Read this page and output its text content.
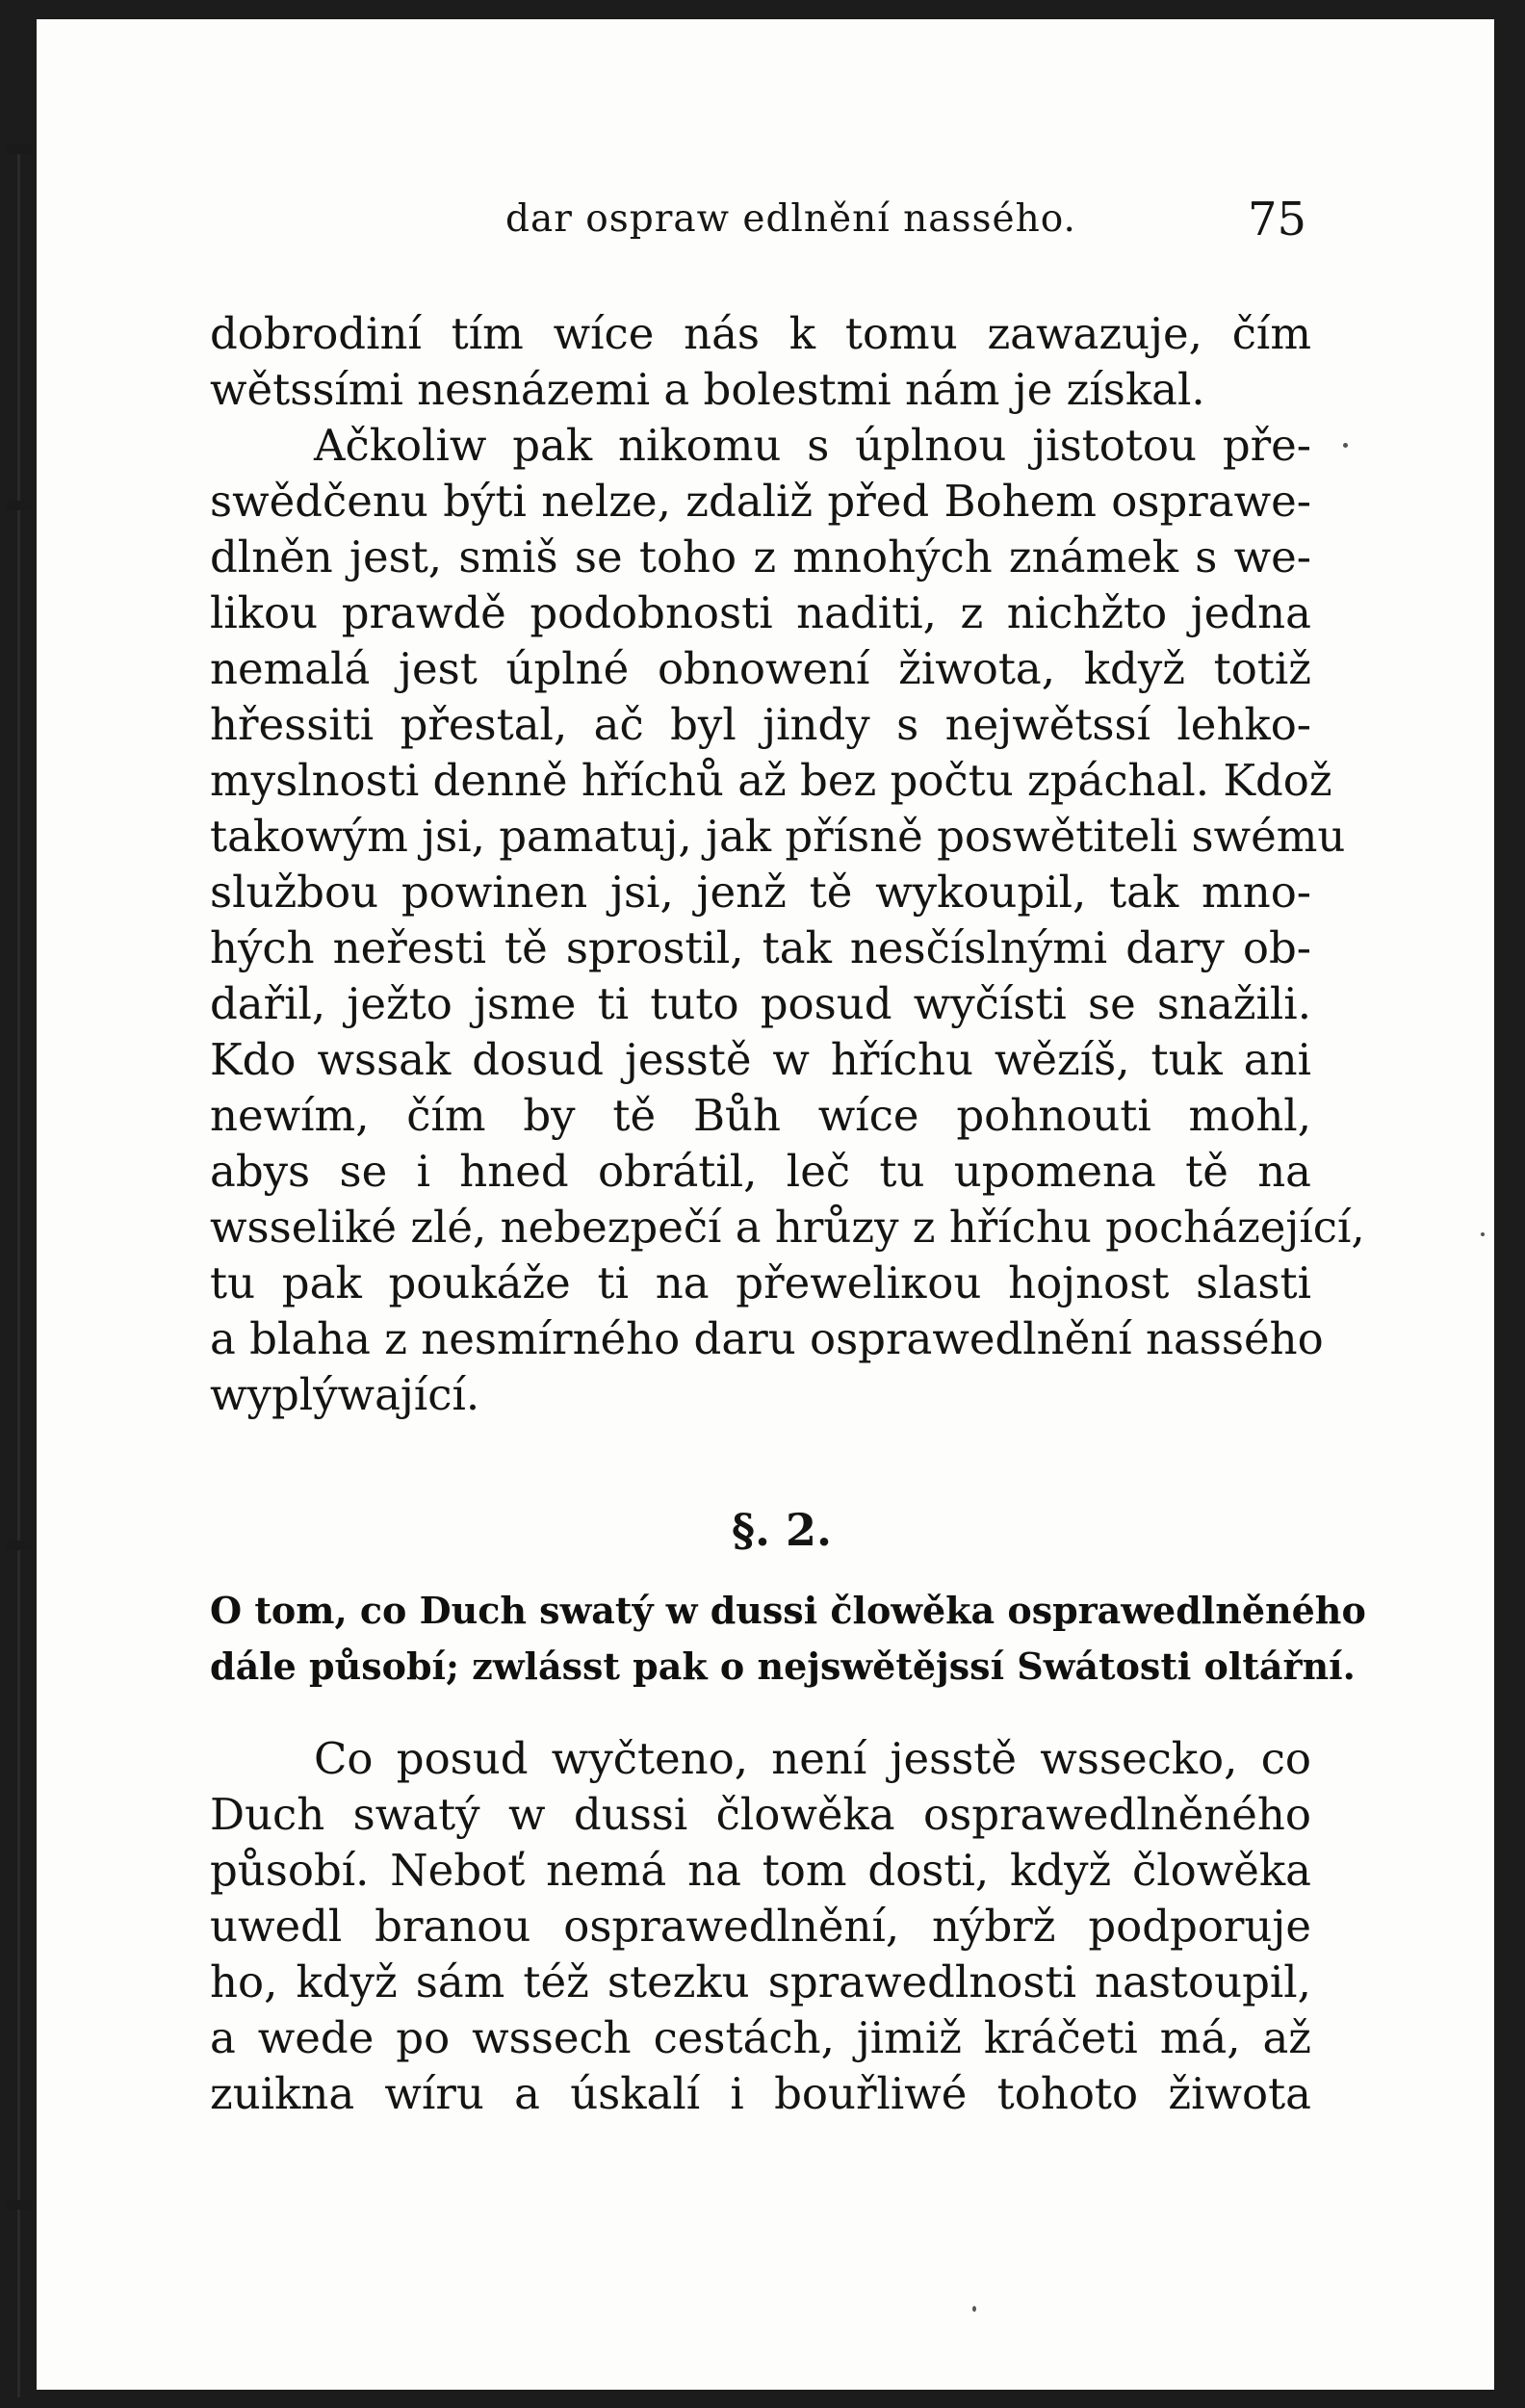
dar ospraw edlnění nassého.	75
dobrodiní tím wíce nás k tomu zawazuje, čím
wětssími nesnázemi a bolestmi nám je získal.
Ačkoliw pak nikomu s úplnou jistotou pře-
swědčenu býti nelze, zdaliž před Bohem osprawe-
dlněn jest, smiš se toho z mnohých známek s we-
likou prawdě podobnosti naditi, z nichžto jedna
nemalá jest úplné obnowení žiwota, když totiž
hřessiti přestal, ač byl jindy s nejwětssí lehko-
myslnosti denně hříchů až bez počtu zpáchal. Kdož
takowým jsi, pamatuj, jak přísně poswětiteli swému
službou powinen jsi, jenž tě wykoupil, tak mno-
hých neřesti tě sprostil, tak nesčíslnými dary ob-
dařil, ježto jsme ti tuto posud wyčísti se snažili.
Kdo wssak dosud jesstě w hříchu wězíš, tuk ani
newím, čím by tě Bůh wíce pohnouti mohl,
abys se i hned obrátil, leč tu upomena tě na
wsseliké zlé, nebezpečí a hrůzy z hříchu pocházející,
tu pak poukáže ti na přeweliкou hojnost slasti
a blaha z nesmírného daru osprawedlnění nassého
wyplýwající.
§. 2.
O tom, co Duch swatý w dussi člowěka osprawedlněného
dále působí; zwlásst pak o nejswětějssí Swátosti oltářní.
Co posud wyčteno, není jesstě wssecko, co
Duch swatý w dussi člowěka osprawedlněného
působí. Neboť nemá na tom dosti, když člowěka
uwedl branou osprawedlnění, nýbrž podporuje
ho, když sám též stezku sprawedlnosti nastoupil,
a wede po wssech cestách, jimiž kráčeti má, až
zuikna wíru a úskalí i bouřliwé tohoto žiwota
